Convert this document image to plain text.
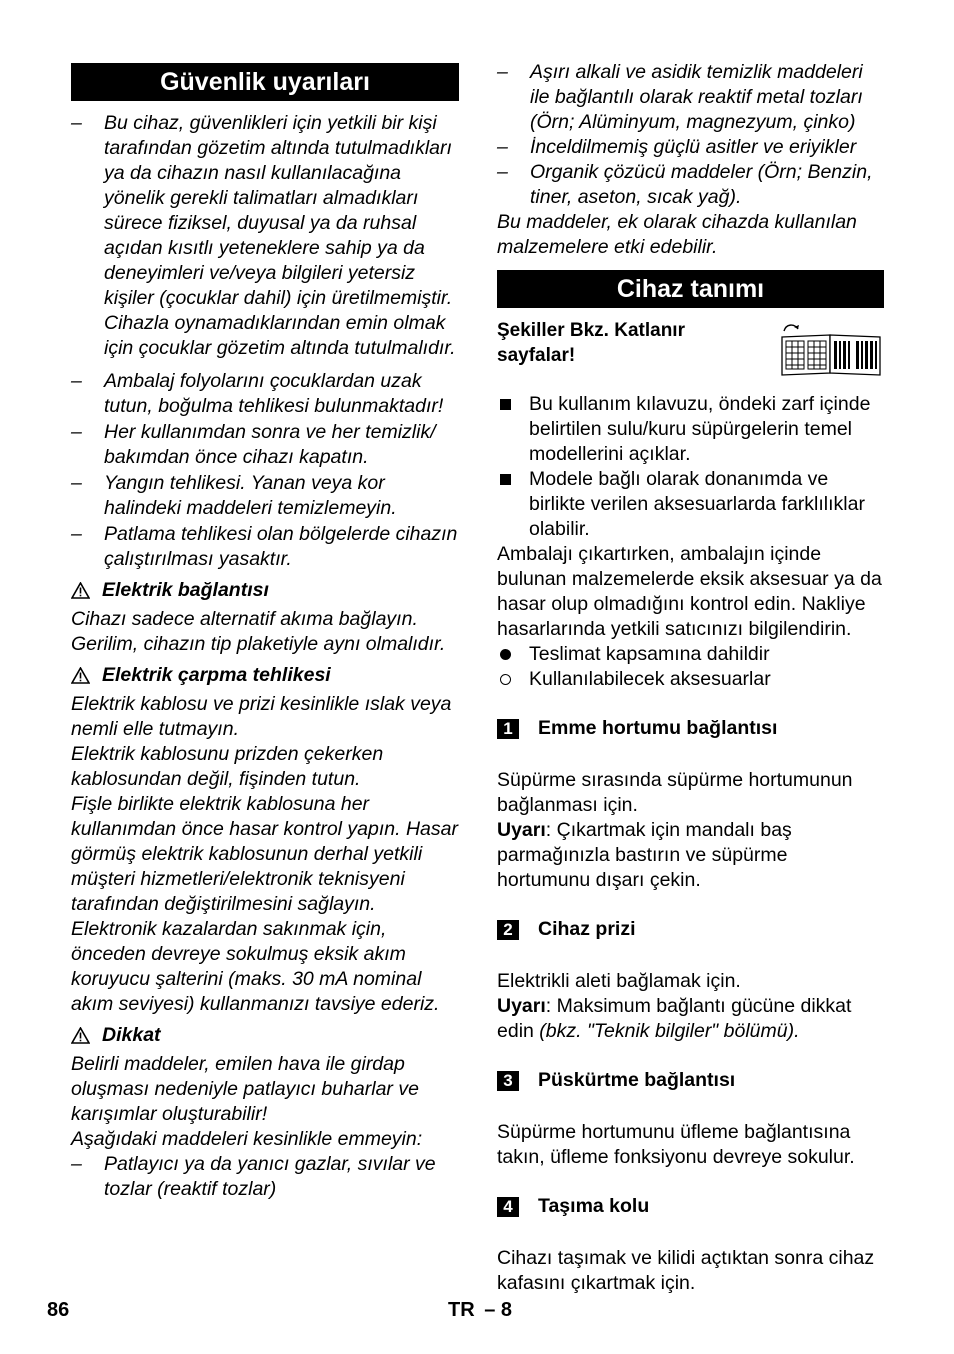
Güvenlik uyarıları
– Bu cihaz, güvenlikleri için yetkili bir kişi tarafından gözetim altında tutulmadıkları ya da cihazın nasıl kullanılacağına yönelik gerekli talimatları almadıkları sürece fiziksel, duyusal ya da ruhsal açıdan kısıtlı yeteneklere sahip ya da deneyimleri ve/veya bilgileri yetersiz kişiler (çocuklar dahil) için üretilmemiştir. Cihazla oynamadıklarından emin olmak için çocuklar gözetim altında tutulmalıdır.
– Ambalaj folyolarını çocuklardan uzak tutun, boğulma tehlikesi bulunmaktadır!
– Her kullanımdan sonra ve her temizlik/ bakımdan önce cihazı kapatın.
– Yangın tehlikesi. Yanan veya kor halindeki maddeleri temizlemeyin.
– Patlama tehlikesi olan bölgelerde cihazın çalıştırılması yasaktır.
Elektrik bağlantısı

Cihazı sadece alternatif akıma bağlayın. Gerilim, cihazın tip plaketiyle aynı olmalıdır.

Elektrik çarpma tehlikesi

Elektrik kablosu ve prizi kesinlikle ıslak veya nemli elle tutmayın.

Elektrik kablosunu prizden çekerken kablosundan değil, fişinden tutun.

Fişle birlikte elektrik kablosuna her kullanımdan önce hasar kontrol yapın. Hasar görmüş elektrik kablosunun derhal yetkili müşteri hizmetleri/elektronik teknisyeni tarafından değiştirilmesini sağlayın.

Elektronik kazalardan sakınmak için, önceden devreye sokulmuş eksik akım koruyucu şalterini (maks. 30 mA nominal akım seviyesi) kullanmanızı tavsiye ederiz.

Dikkat

Belirli maddeler, emilen hava ile girdap oluşması nedeniyle patlayıcı buharlar ve karışımlar oluşturabilir!

Aşağıdaki maddeleri kesinlikle emmeyin:

– Patlayıcı ya da yanıcı gazlar, sıvılar ve tozlar (reaktif tozlar)
– Aşırı alkali ve asidik temizlik maddeleri ile bağlantılı olarak reaktif metal tozları (Örn; Alüminyum, magnezyum, çinko)
– İnceldilmemiş güçlü asitler ve eriyikler
– Organik çözücü maddeler (Örn; Benzin, tiner, aseton, sıcak yağ).

Bu maddeler, ek olarak cihazda kullanılan malzemelere etki edebilir.

Cihaz tanımı
Şekiller Bkz. Katlanır sayfalar!
Bu kullanım kılavuzu, öndeki zarf içinde belirtilen sulu/kuru süpürgelerin temel modellerini açıklar.
Modele bağlı olarak donanımda ve birlikte verilen aksesuarlarda farklılıklar olabilir.

Ambalajı çıkartırken, ambalajın içinde bulunan malzemelerde eksik aksesuar ya da hasar olup olmadığını kontrol edin. Nakliye hasarlarında yetkili satıcınızı bilgilendirin.

Teslimat kapsamına dahildir
Kullanılabilecek aksesuarlar
1	Emme hortumu bağlantısı

Süpürme sırasında süpürme hortumunun bağlanması için.

Uyarı: Çıkartmak için mandalı baş parmağınızla bastırın ve süpürme hortumunu dışarı çekin.

2	Cihaz prizi

Elektrikli aleti bağlamak için.

Uyarı: Maksimum bağlantı gücüne dikkat edin (bkz. "Teknik bilgiler" bölümü).

3	Püskürtme bağlantısı

Süpürme hortumunu üfleme bağlantısına takın, üfleme fonksiyonu devreye sokulur.

4	Taşıma kolu

Cihazı taşımak ve kilidi açtıktan sonra cihaz kafasını çıkartmak için.

86	TR – 8
